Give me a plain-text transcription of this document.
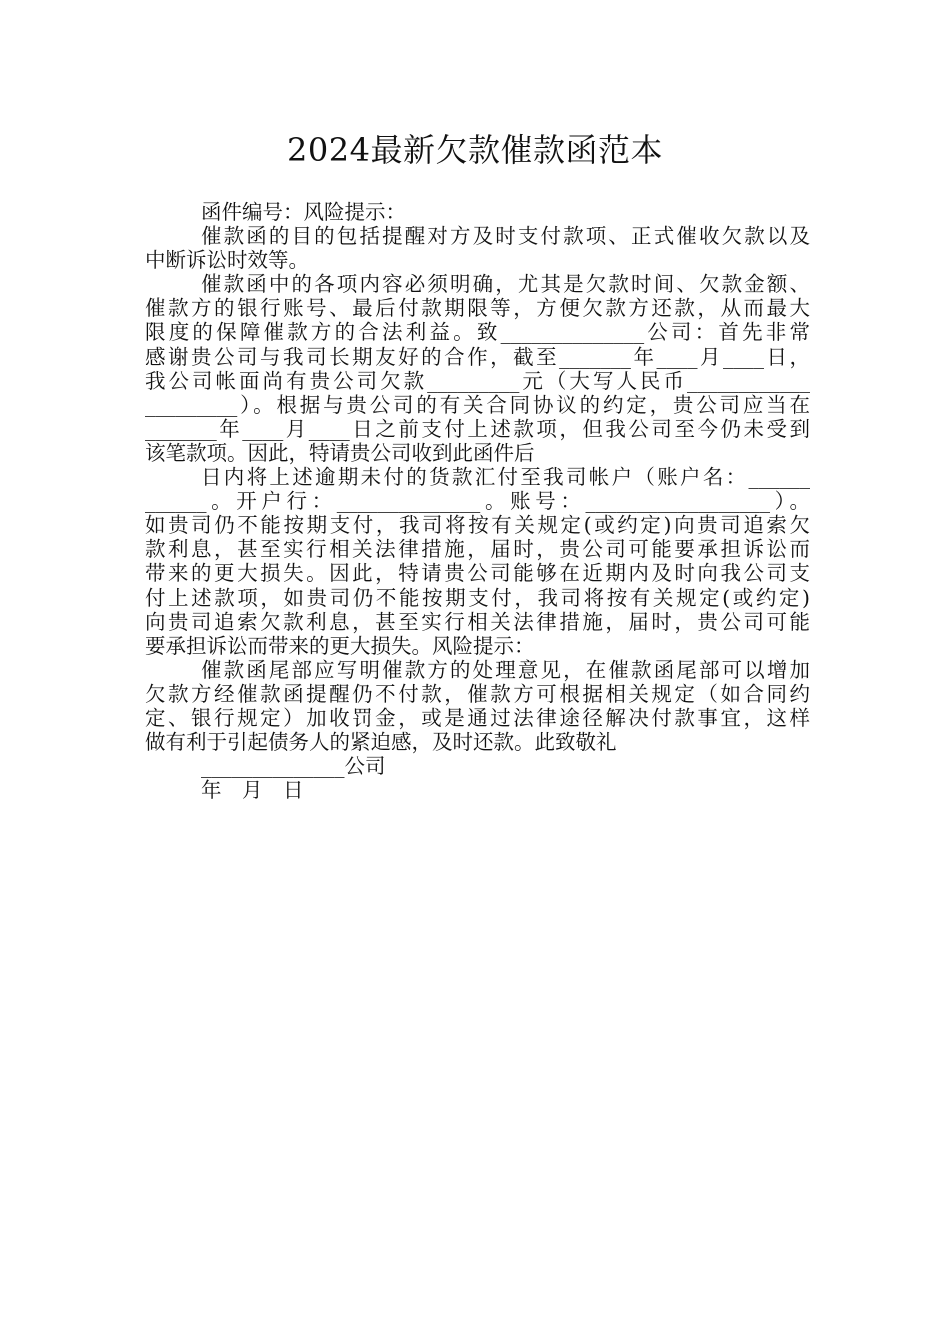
2024最新欠款催款函范本
函件编号：风险提示：
催款函的目的包括提醒对方及时支付款项、正式催收欠款以及
中断诉讼时效等。
催款函中的各项内容必须明确，尤其是欠款时间、欠款金额、
催款方的银行账号、最后付款期限等，方便欠款方还款，从而最大
限度的保障催款方的合法利益。致______________公司：首先非常
感谢贵公司与我司长期友好的合作，截至_______年____月____日，
我公司帐面尚有贵公司欠款_________元（大写人民币____________
_________）。根据与贵公司的有关合同协议的约定，贵公司应当在
_______年____月____日之前支付上述款项，但我公司至今仍未受到
该笔款项。因此，特请贵公司收到此函件后
日内将上述逾期未付的货款汇付至我司帐户（账户名：______
______。开户行：______________。账号：__________________）。
如贵司仍不能按期支付，我司将按有关规定(或约定)向贵司追索欠
款利息，甚至实行相关法律措施，届时，贵公司可能要承担诉讼而
带来的更大损失。因此，特请贵公司能够在近期内及时向我公司支
付上述款项，如贵司仍不能按期支付，我司将按有关规定(或约定)
向贵司追索欠款利息，甚至实行相关法律措施，届时，贵公司可能
要承担诉讼而带来的更大损失。风险提示：
催款函尾部应写明催款方的处理意见，在催款函尾部可以增加
欠款方经催款函提醒仍不付款，催款方可根据相关规定（如合同约
定、银行规定）加收罚金，或是通过法律途径解决付款事宜，这样
做有利于引起债务人的紧迫感，及时还款。此致敬礼
______________公司
年　月　日
